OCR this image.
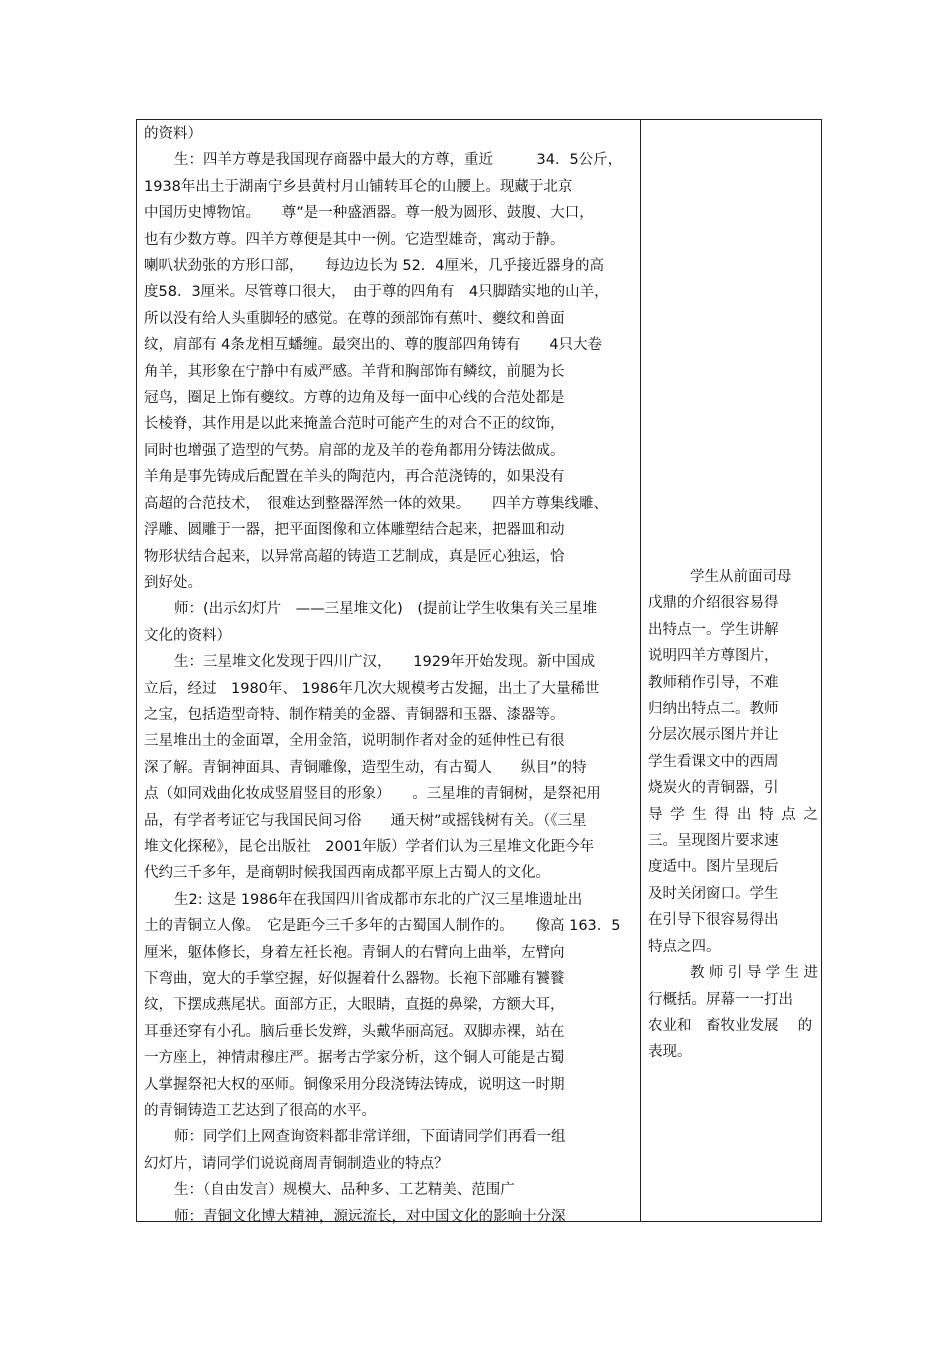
的资料）
生：四羊方尊是我国现存商器中最大的方尊，重近　　　34．5公斤，
1938年出土于湖南宁乡县黄村月山铺转耳仑的山腰上。现藏于北京
中国历史博物馆。　　尊”是一种盛酒器。尊一般为圆形、鼓腹、大口，
也有少数方尊。四羊方尊便是其中一例。它造型雄奇，寓动于静。
喇叭状劲张的方形口部，　　每边边长为 52．4厘米，几乎接近器身的高
度58．3厘米。尽管尊口很大，　由于尊的四角有　4只脚踏实地的山羊，
所以没有给人头重脚轻的感觉。在尊的颈部饰有蕉叶、夔纹和兽面
纹，肩部有 4条龙相互蟠缠。最突出的、尊的腹部四角铸有　　4只大卷
角羊，其形象在宁静中有威严感。羊背和胸部饰有鳞纹，前腿为长
冠鸟，圈足上饰有夔纹。方尊的边角及每一面中心线的合范处都是
长棱脊，其作用是以此来掩盖合范时可能产生的对合不正的纹饰，
同时也增强了造型的气势。肩部的龙及羊的卷角都用分铸法做成。
羊角是事先铸成后配置在羊头的陶范内，再合范浇铸的，如果没有
高超的合范技术，　很难达到整器浑然一体的效果。　　四羊方尊集线雕、
浮雕、圆雕于一器，把平面图像和立体雕塑结合起来，把器皿和动
物形状结合起来，以异常高超的铸造工艺制成，真是匠心独运，恰
到好处。
师：(出示幻灯片　——三星堆文化)　(提前让学生收集有关三星堆
文化的资料）
生：三星堆文化发现于四川广汉，　　1929年开始发现。新中国成
立后，经过　1980年、 1986年几次大规模考古发掘，出土了大量稀世
之宝，包括造型奇特、制作精美的金器、青铜器和玉器、漆器等。
三星堆出土的金面罩，全用金箔，说明制作者对金的延伸性已有很
深了解。青铜神面具、青铜雕像，造型生动，有古蜀人　　纵目”的特
点（如同戏曲化妆成竖眉竖目的形象）　　。三星堆的青铜树，是祭祀用
品，有学者考证它与我国民间习俗　　通天树”或摇钱树有关。（《三星
堆文化探秘》，昆仑出版社　2001年版）学者们认为三星堆文化距今年
代约三千多年，是商朝时候我国西南成都平原上古蜀人的文化。
生2: 这是 1986年在我国四川省成都市东北的广汉三星堆遗址出
土的青铜立人像。　它是距今三千多年的古蜀国人制作的。　　像高 163．5
厘米，躯体修长，身着左衽长袍。青铜人的右臂向上曲举，左臂向
下弯曲，宽大的手掌空握，好似握着什么器物。长袍下部雕有饕餮
纹，下摆成燕尾状。面部方正，大眼睛，直挺的鼻梁，方额大耳，
耳垂还穿有小孔。脑后垂长发辫，头戴华丽高冠。双脚赤裸，站在
一方座上，神情肃穆庄严。据考古学家分析，这个铜人可能是古蜀
人掌握祭祀大权的巫师。铜像采用分段浇铸法铸成，说明这一时期
的青铜铸造工艺达到了很高的水平。
师：同学们上网查询资料都非常详细，下面请同学们再看一组
幻灯片，请同学们说说商周青铜制造业的特点？
生：（自由发言）规模大、品种多、工艺精美、范围广
师：青铜文化博大精神，源远流长，对中国文化的影响十分深
学生从前面司母
戊鼎的介绍很容易得
出特点一。学生讲解
说明四羊方尊图片，
教师稍作引导，不难
归纳出特点二。教师
分层次展示图片并让
学生看课文中的西周
烧炭火的青铜器，引
导学生得出特点之
三。呈现图片要求速
度适中。图片呈现后
及时关闭窗口。学生
在引导下很容易得出
特点之四。
教师引导学生进
行概括。屏幕一一打出
农业和　畜牧业发展　 的
表现。
